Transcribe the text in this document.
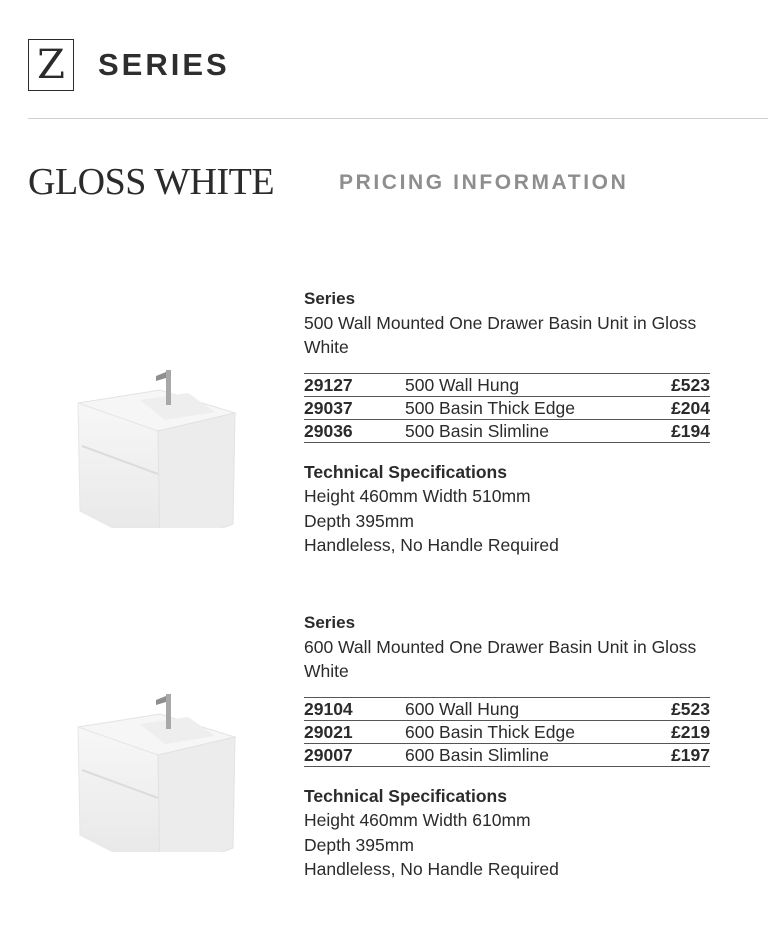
Z SERIES
GLOSS WHITE	PRICING INFORMATION
Series
500 Wall Mounted One Drawer Basin Unit in Gloss White
29127	500 Wall Hung	£523
29037	500 Basin Thick Edge	£204
29036	500 Basin Slimline	£194
Technical Specifications
Height 460mm Width 510mm
Depth 395mm
Handleless, No Handle Required
Series
600 Wall Mounted One Drawer Basin Unit in Gloss White
29104	600 Wall Hung	£523
29021	600 Basin Thick Edge	£219
29007	600 Basin Slimline	£197
Technical Specifications
Height 460mm Width 610mm
Depth 395mm
Handleless, No Handle Required
